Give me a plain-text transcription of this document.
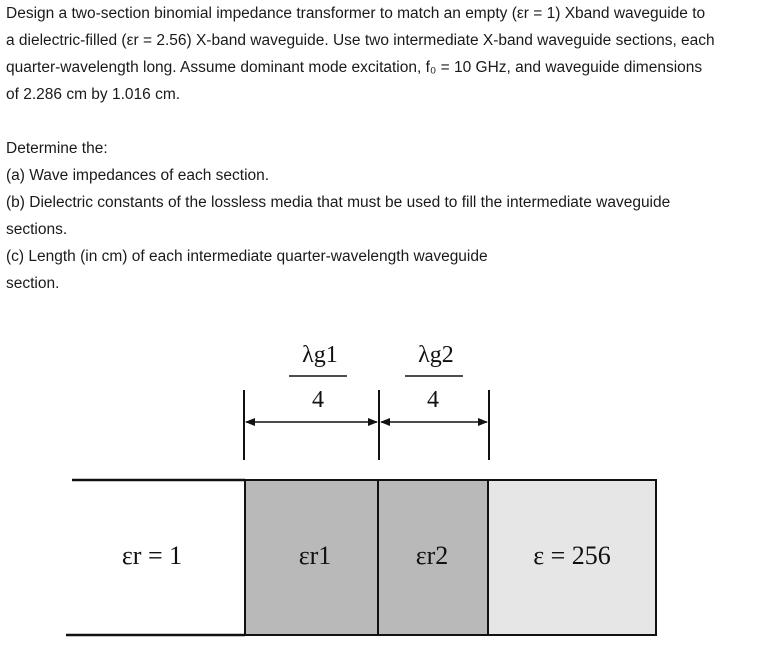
Design a two-section binomial impedance transformer to match an empty (εr = 1) Xband waveguide to

a dielectric-filled (εr = 2.56) X-band waveguide. Use two intermediate X-band waveguide sections, each

quarter-wavelength long. Assume dominant mode excitation, f₀ = 10 GHz, and waveguide dimensions

of 2.286 cm by 1.016 cm.

Determine the:

(a) Wave impedances of each section.

(b) Dielectric constants of the lossless media that must be used to fill the intermediate waveguide

sections.

(c) Length (in cm) of each intermediate quarter-wavelength waveguide

section.

λg1
4
λg2
4
εr = 1	εr1	εr2	ε = 256
